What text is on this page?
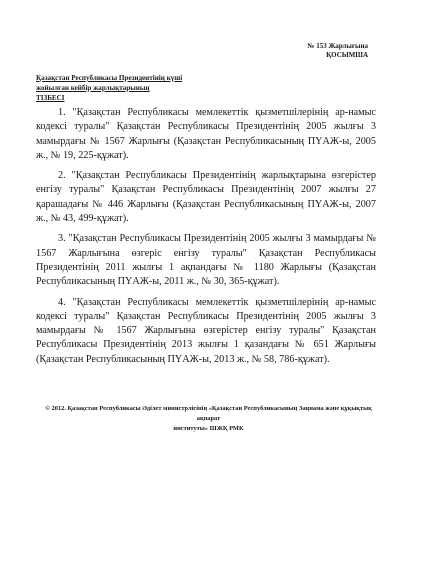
№ 153 Жарлығына
ҚОСЫМША
Қазақстан Республикасы Президентінің күші
жойылған кейбір жарлықтарының
ТІЗБЕСІ

1. "Қазақстан Республикасы мемлекеттік қызметшілерінің ар-намыс кодексі туралы" Қазақстан Республикасы Президентінің 2005 жылғы 3 мамырдағы № 1567 Жарлығы (Қазақстан Республикасының ПҮАЖ-ы, 2005 ж., № 19, 225-құжат).

2. "Қазақстан Республикасы Президентінің жарлықтарына өзгерістер енгізу туралы" Қазақстан Республикасы Президентінің 2007 жылғы 27 қарашадағы № 446 Жарлығы (Қазақстан Республикасының ПҮАЖ-ы, 2007 ж., № 43, 499-құжат).

3. "Қазақстан Республикасы Президентінің 2005 жылғы 3 мамырдағы № 1567 Жарлығына өзгеріс енгізу туралы" Қазақстан Республикасы Президентінің 2011 жылғы 1 ақпандағы № 1180 Жарлығы (Қазақстан Республикасының ПҮАЖ-ы, 2011 ж., № 30, 365-құжат).

4. "Қазақстан Республикасы мемлекеттік қызметшілерінің ар-намыс кодексі туралы" Қазақстан Республикасы Президентінің 2005 жылғы 3 мамырдағы № 1567 Жарлығына өзгерістер енгізу туралы" Қазақстан Республикасы Президентінің 2013 жылғы 1 қазандағы № 651 Жарлығы (Қазақстан Республикасының ПҮАЖ-ы, 2013 ж., № 58, 786-құжат).

© 2012. Қазақстан Республикасы Әділет министрлігінің «Қазақстан Республикасының Заңнама және құқықтық ақпарат
институты» ШЖҚ РМК
